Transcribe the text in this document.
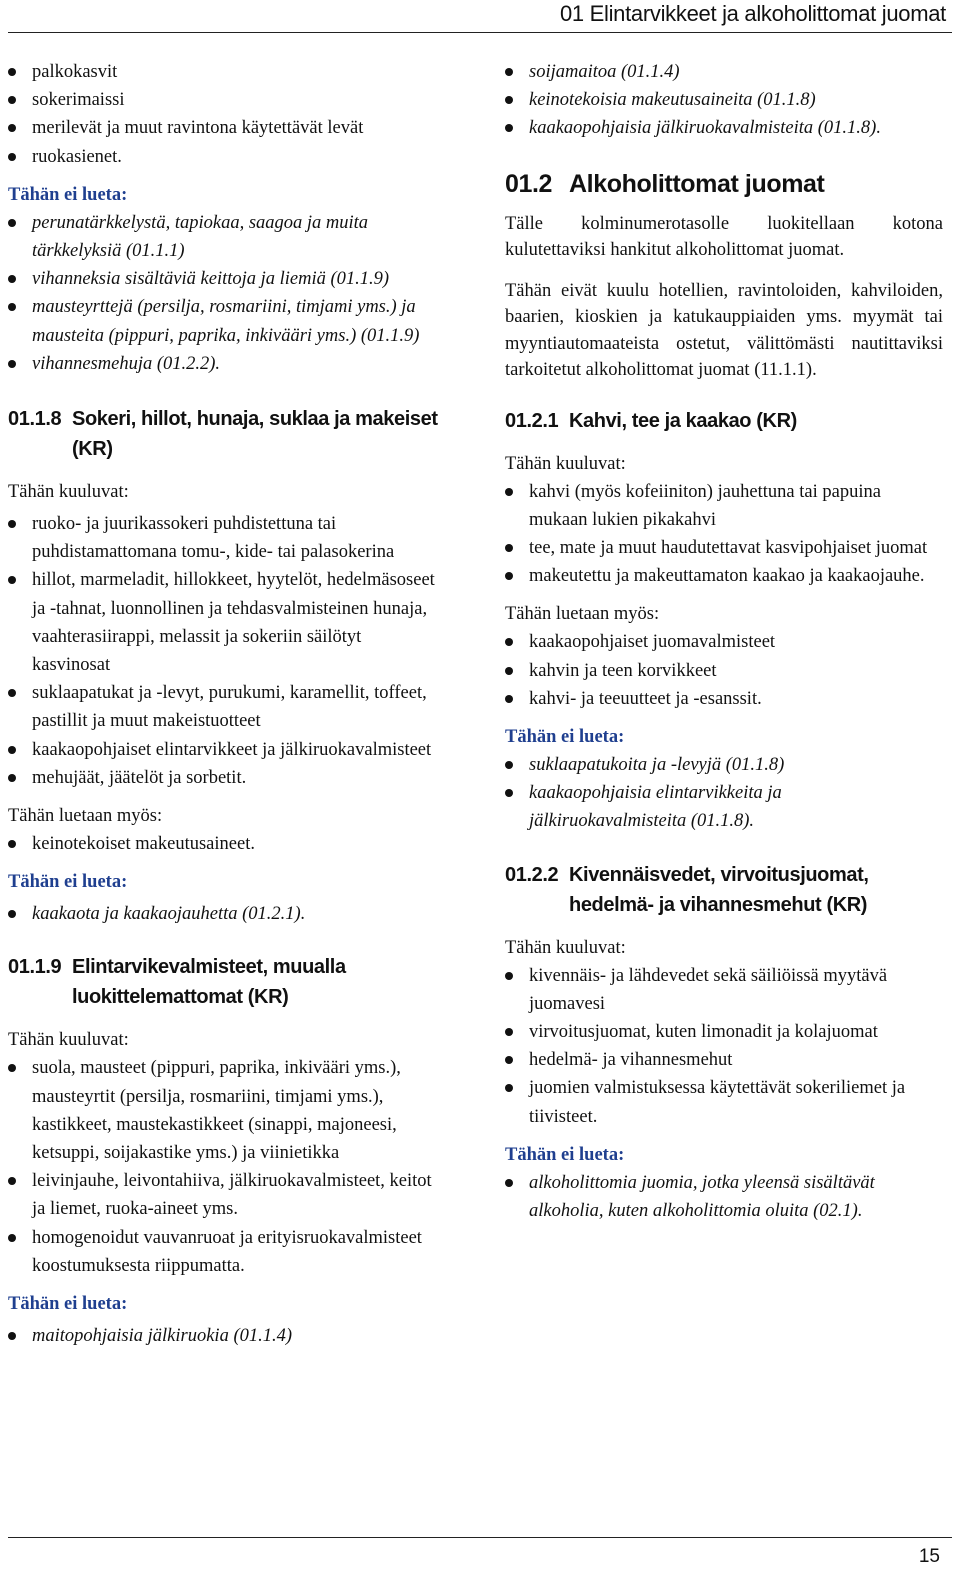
01 Elintarvikkeet ja alkoholittomat juomat
palkokasvit
sokerimaissi
merilevät ja muut ravintona käytettävät levät
ruokasienet.

Tähän ei lueta:

perunatärkkelystä, tapiokaa, saagoa ja muita tärkkelyksiä (01.1.1)
vihanneksia sisältäviä keittoja ja liemiä (01.1.9)
mausteyrttejä (persilja, rosmariini, timjami yms.) ja mausteita (pippuri, paprika, inkivääri yms.) (01.1.9)
vihannesmehuja (01.2.2).
01.1.8 Sokeri, hillot, hunaja, suklaa ja makeiset (KR)

Tähän kuuluvat:

ruoko- ja juurikassokeri puhdistettuna tai puhdistamattomana tomu-, kide- tai palasokerina
hillot, marmeladit, hillokkeet, hyytelöt, hedelmäsoseet ja -tahnat, luonnollinen ja tehdasvalmisteinen hunaja, vaahterasiirappi, melassit ja sokeriin säilötyt kasvinosat
suklaapatukat ja -levyt, purukumi, karamellit, toffeet, pastillit ja muut makeistuotteet
kaakaopohjaiset elintarvikkeet ja jälkiruokavalmisteet
mehujäät, jäätelöt ja sorbetit.

Tähän luetaan myös:

keinotekoiset makeutusaineet.

Tähän ei lueta:

kaakaota ja kaakaojauhetta (01.2.1).
01.1.9 Elintarvikevalmisteet, muualla luokittelemattomat (KR)

Tähän kuuluvat:

suola, mausteet (pippuri, paprika, inkivääri yms.), mausteyrtit (persilja, rosmariini, timjami yms.), kastikkeet, maustekastikkeet (sinappi, majoneesi, ketsuppi, soijakastike yms.) ja viinietikka
leivinjauhe, leivontahiiva, jälkiruokavalmisteet, keitot ja liemet, ruoka-aineet yms.
homogenoidut vauvanruoat ja erityisruokavalmisteet koostumuksesta riippumatta.

Tähän ei lueta:

maitopohjaisia jälkiruokia (01.1.4)
soijamaitoa (01.1.4)
keinotekoisia makeutusaineita (01.1.8)
kaakaopohjaisia jälkiruokavalmisteita (01.1.8).
01.2 Alkoholittomat juomat

Tälle kolminumerotasolle luokitellaan kotona kulutettaviksi hankitut alkoholittomat juomat.

Tähän eivät kuulu hotellien, ravintoloiden, kahviloiden, baarien, kioskien ja katukauppiaiden yms. myymät tai myyntiautomaateista ostetut, välittömästi nautittaviksi tarkoitetut alkoholittomat juomat (11.1.1).

01.2.1 Kahvi, tee ja kaakao (KR)

Tähän kuuluvat:

kahvi (myös kofeiiniton) jauhettuna tai papuina mukaan lukien pikakahvi
tee, mate ja muut haudutettavat kasvipohjaiset juomat
makeutettu ja makeuttamaton kaakao ja kaakaojauhe.

Tähän luetaan myös:

kaakaopohjaiset juomavalmisteet
kahvin ja teen korvikkeet
kahvi- ja teeuutteet ja -esanssit.

Tähän ei lueta:

suklaapatukoita ja -levyjä (01.1.8)
kaakaopohjaisia elintarvikkeita ja jälkiruokavalmisteita (01.1.8).
01.2.2 Kivennäisvedet, virvoitusjuomat, hedelmä- ja vihannesmehut (KR)

Tähän kuuluvat:

kivennäis- ja lähdevedet sekä säiliöissä myytävä juomavesi
virvoitusjuomat, kuten limonadit ja kolajuomat
hedelmä- ja vihannesmehut
juomien valmistuksessa käytettävät sokeriliemet ja tiivisteet.

Tähän ei lueta:

alkoholittomia juomia, jotka yleensä sisältävät alkoholia, kuten alkoholittomia oluita (02.1).
15
